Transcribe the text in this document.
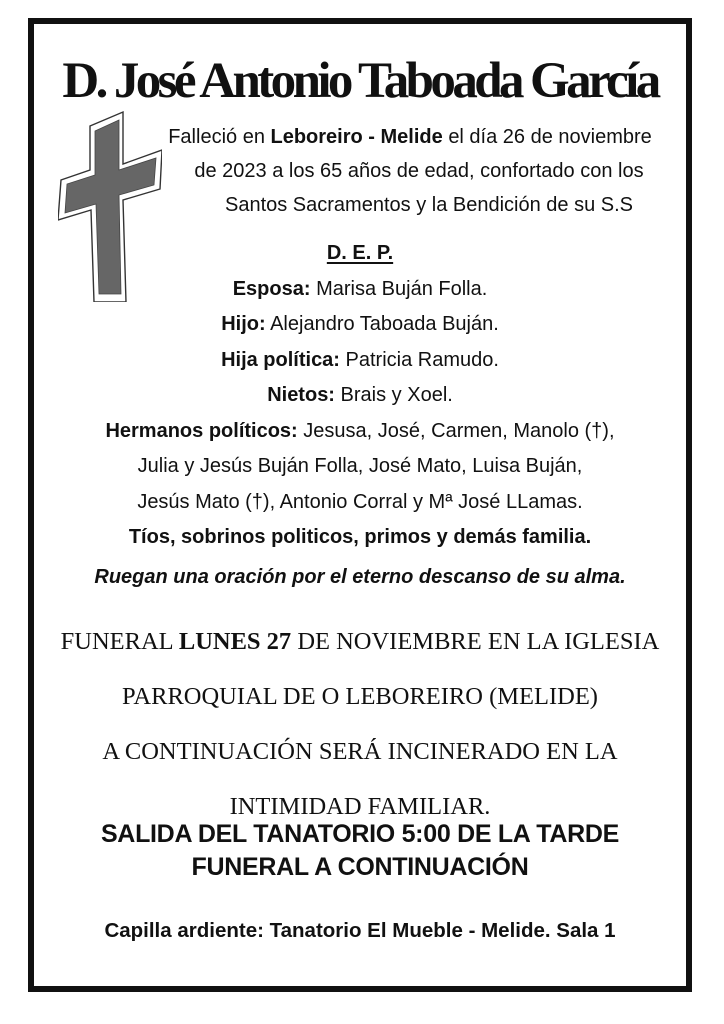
D. José Antonio Taboada García
Falleció en Leboreiro - Melide el día 26 de noviembre
de 2023 a los 65 años de edad, confortado con los
Santos Sacramentos y la Bendición de su S.S
D. E. P.
Esposa: Marisa Buján Folla.
Hijo: Alejandro Taboada Buján.
Hija política: Patricia Ramudo.
Nietos: Brais y Xoel.
Hermanos políticos: Jesusa, José, Carmen, Manolo (†),
Julia y Jesús Buján Folla, José Mato, Luisa Buján,
Jesús Mato (†), Antonio Corral y Mª José LLamas.
Tíos, sobrinos politicos, primos y demás familia.
Ruegan una oración por el eterno descanso de su alma.
FUNERAL LUNES 27 DE NOVIEMBRE EN LA IGLESIA
PARROQUIAL DE O LEBOREIRO (MELIDE)
A CONTINUACIÓN SERÁ INCINERADO EN LA
INTIMIDAD FAMILIAR.
SALIDA DEL TANATORIO 5:00 DE LA TARDE
FUNERAL A CONTINUACIÓN
Capilla ardiente: Tanatorio El Mueble - Melide. Sala 1
